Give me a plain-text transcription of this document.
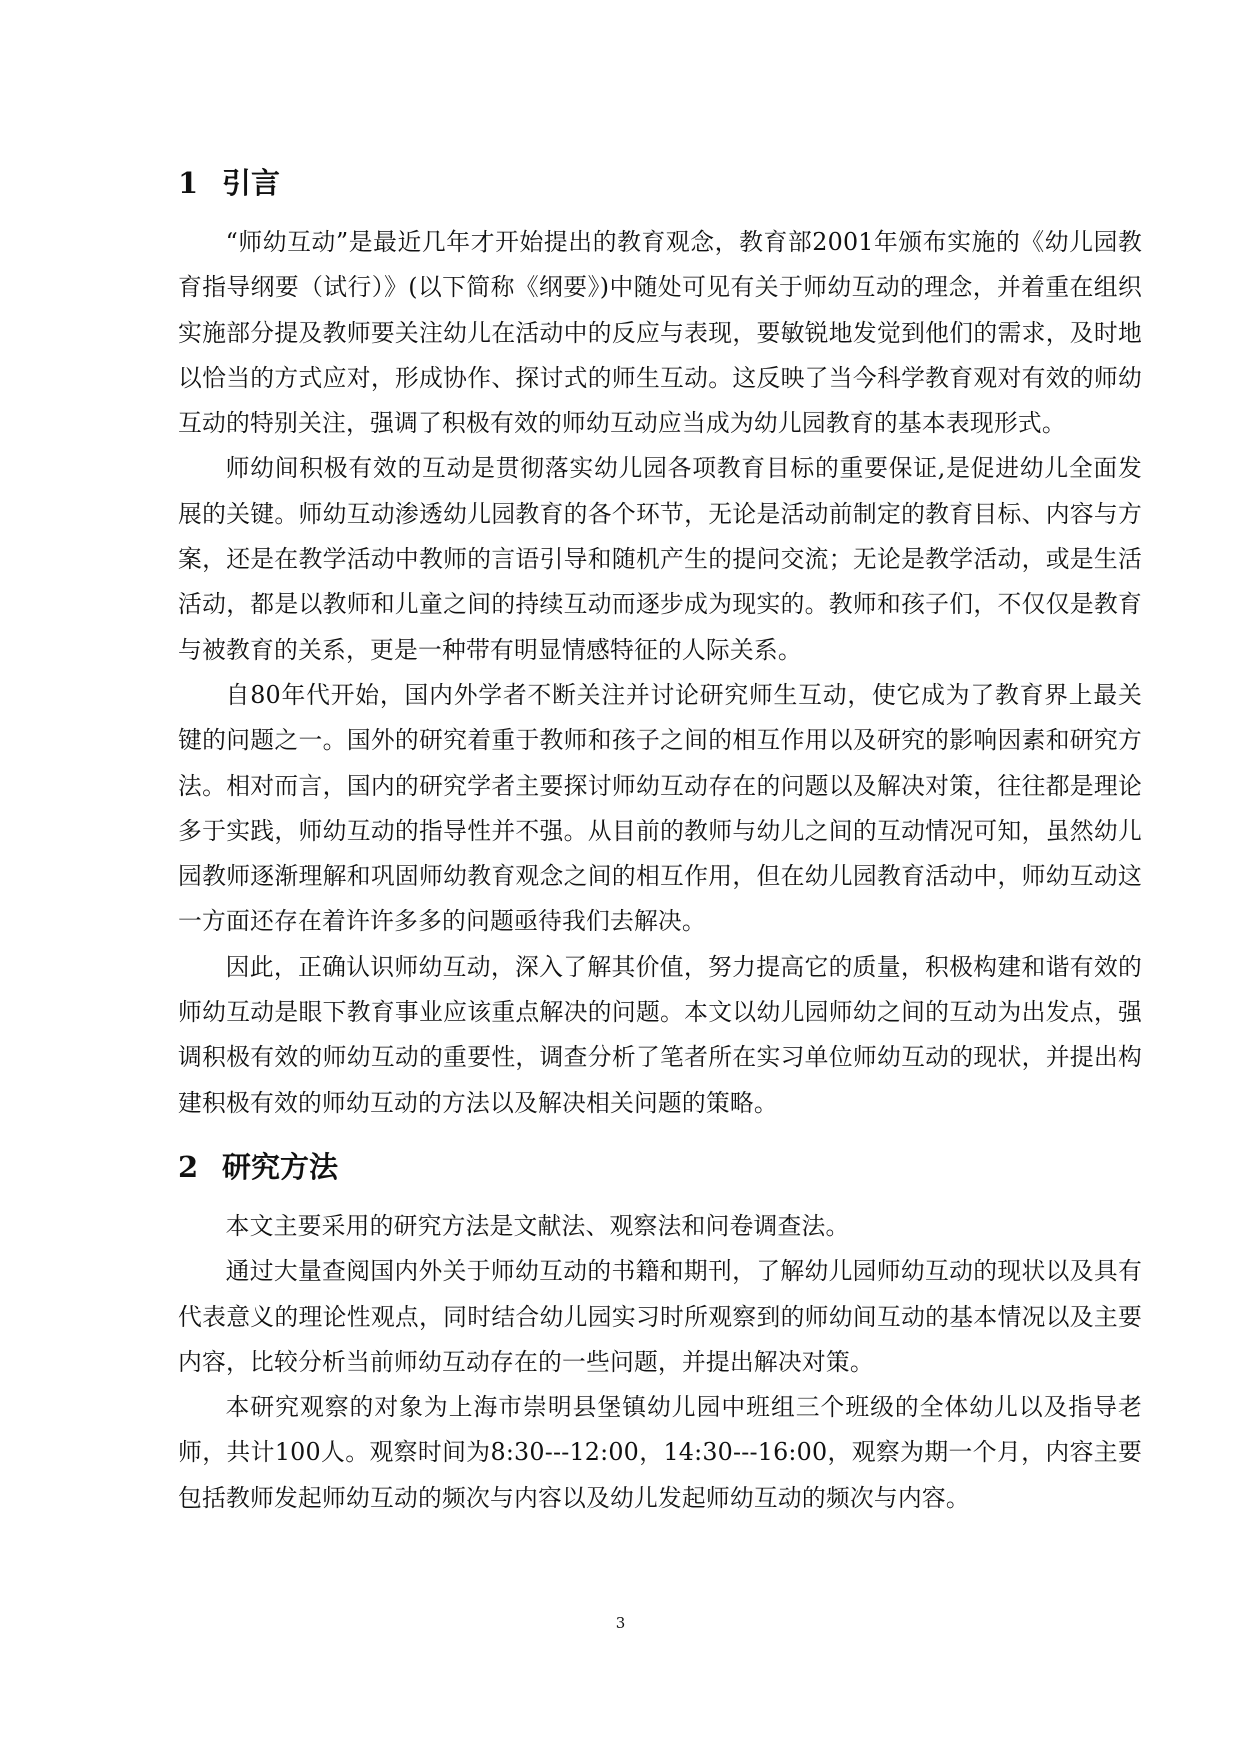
1 引言

“师幼互动”是最近几年才开始提出的教育观念，教育部2001年颁布实施的《幼儿园教育指导纲要（试行）》(以下简称《纲要》)中随处可见有关于师幼互动的理念，并着重在组织实施部分提及教师要关注幼儿在活动中的反应与表现，要敏锐地发觉到他们的需求，及时地以恰当的方式应对，形成协作、探讨式的师生互动。这反映了当今科学教育观对有效的师幼互动的特别关注，强调了积极有效的师幼互动应当成为幼儿园教育的基本表现形式。

师幼间积极有效的互动是贯彻落实幼儿园各项教育目标的重要保证,是促进幼儿全面发展的关键。师幼互动渗透幼儿园教育的各个环节，无论是活动前制定的教育目标、内容与方案，还是在教学活动中教师的言语引导和随机产生的提问交流；无论是教学活动，或是生活活动，都是以教师和儿童之间的持续互动而逐步成为现实的。教师和孩子们，不仅仅是教育与被教育的关系，更是一种带有明显情感特征的人际关系。

自80年代开始，国内外学者不断关注并讨论研究师生互动，使它成为了教育界上最关键的问题之一。国外的研究着重于教师和孩子之间的相互作用以及研究的影响因素和研究方法。相对而言，国内的研究学者主要探讨师幼互动存在的问题以及解决对策，往往都是理论多于实践，师幼互动的指导性并不强。从目前的教师与幼儿之间的互动情况可知，虽然幼儿园教师逐渐理解和巩固师幼教育观念之间的相互作用，但在幼儿园教育活动中，师幼互动这一方面还存在着许许多多的问题亟待我们去解决。

因此，正确认识师幼互动，深入了解其价值，努力提高它的质量，积极构建和谐有效的师幼互动是眼下教育事业应该重点解决的问题。本文以幼儿园师幼之间的互动为出发点，强调积极有效的师幼互动的重要性，调查分析了笔者所在实习单位师幼互动的现状，并提出构建积极有效的师幼互动的方法以及解决相关问题的策略。

2 研究方法

本文主要采用的研究方法是文献法、观察法和问卷调查法。

通过大量查阅国内外关于师幼互动的书籍和期刊，了解幼儿园师幼互动的现状以及具有代表意义的理论性观点，同时结合幼儿园实习时所观察到的师幼间互动的基本情况以及主要内容，比较分析当前师幼互动存在的一些问题，并提出解决对策。

本研究观察的对象为上海市崇明县堡镇幼儿园中班组三个班级的全体幼儿以及指导老师，共计100人。观察时间为8:30---12:00，14:30---16:00，观察为期一个月，内容主要包括教师发起师幼互动的频次与内容以及幼儿发起师幼互动的频次与内容。

3
